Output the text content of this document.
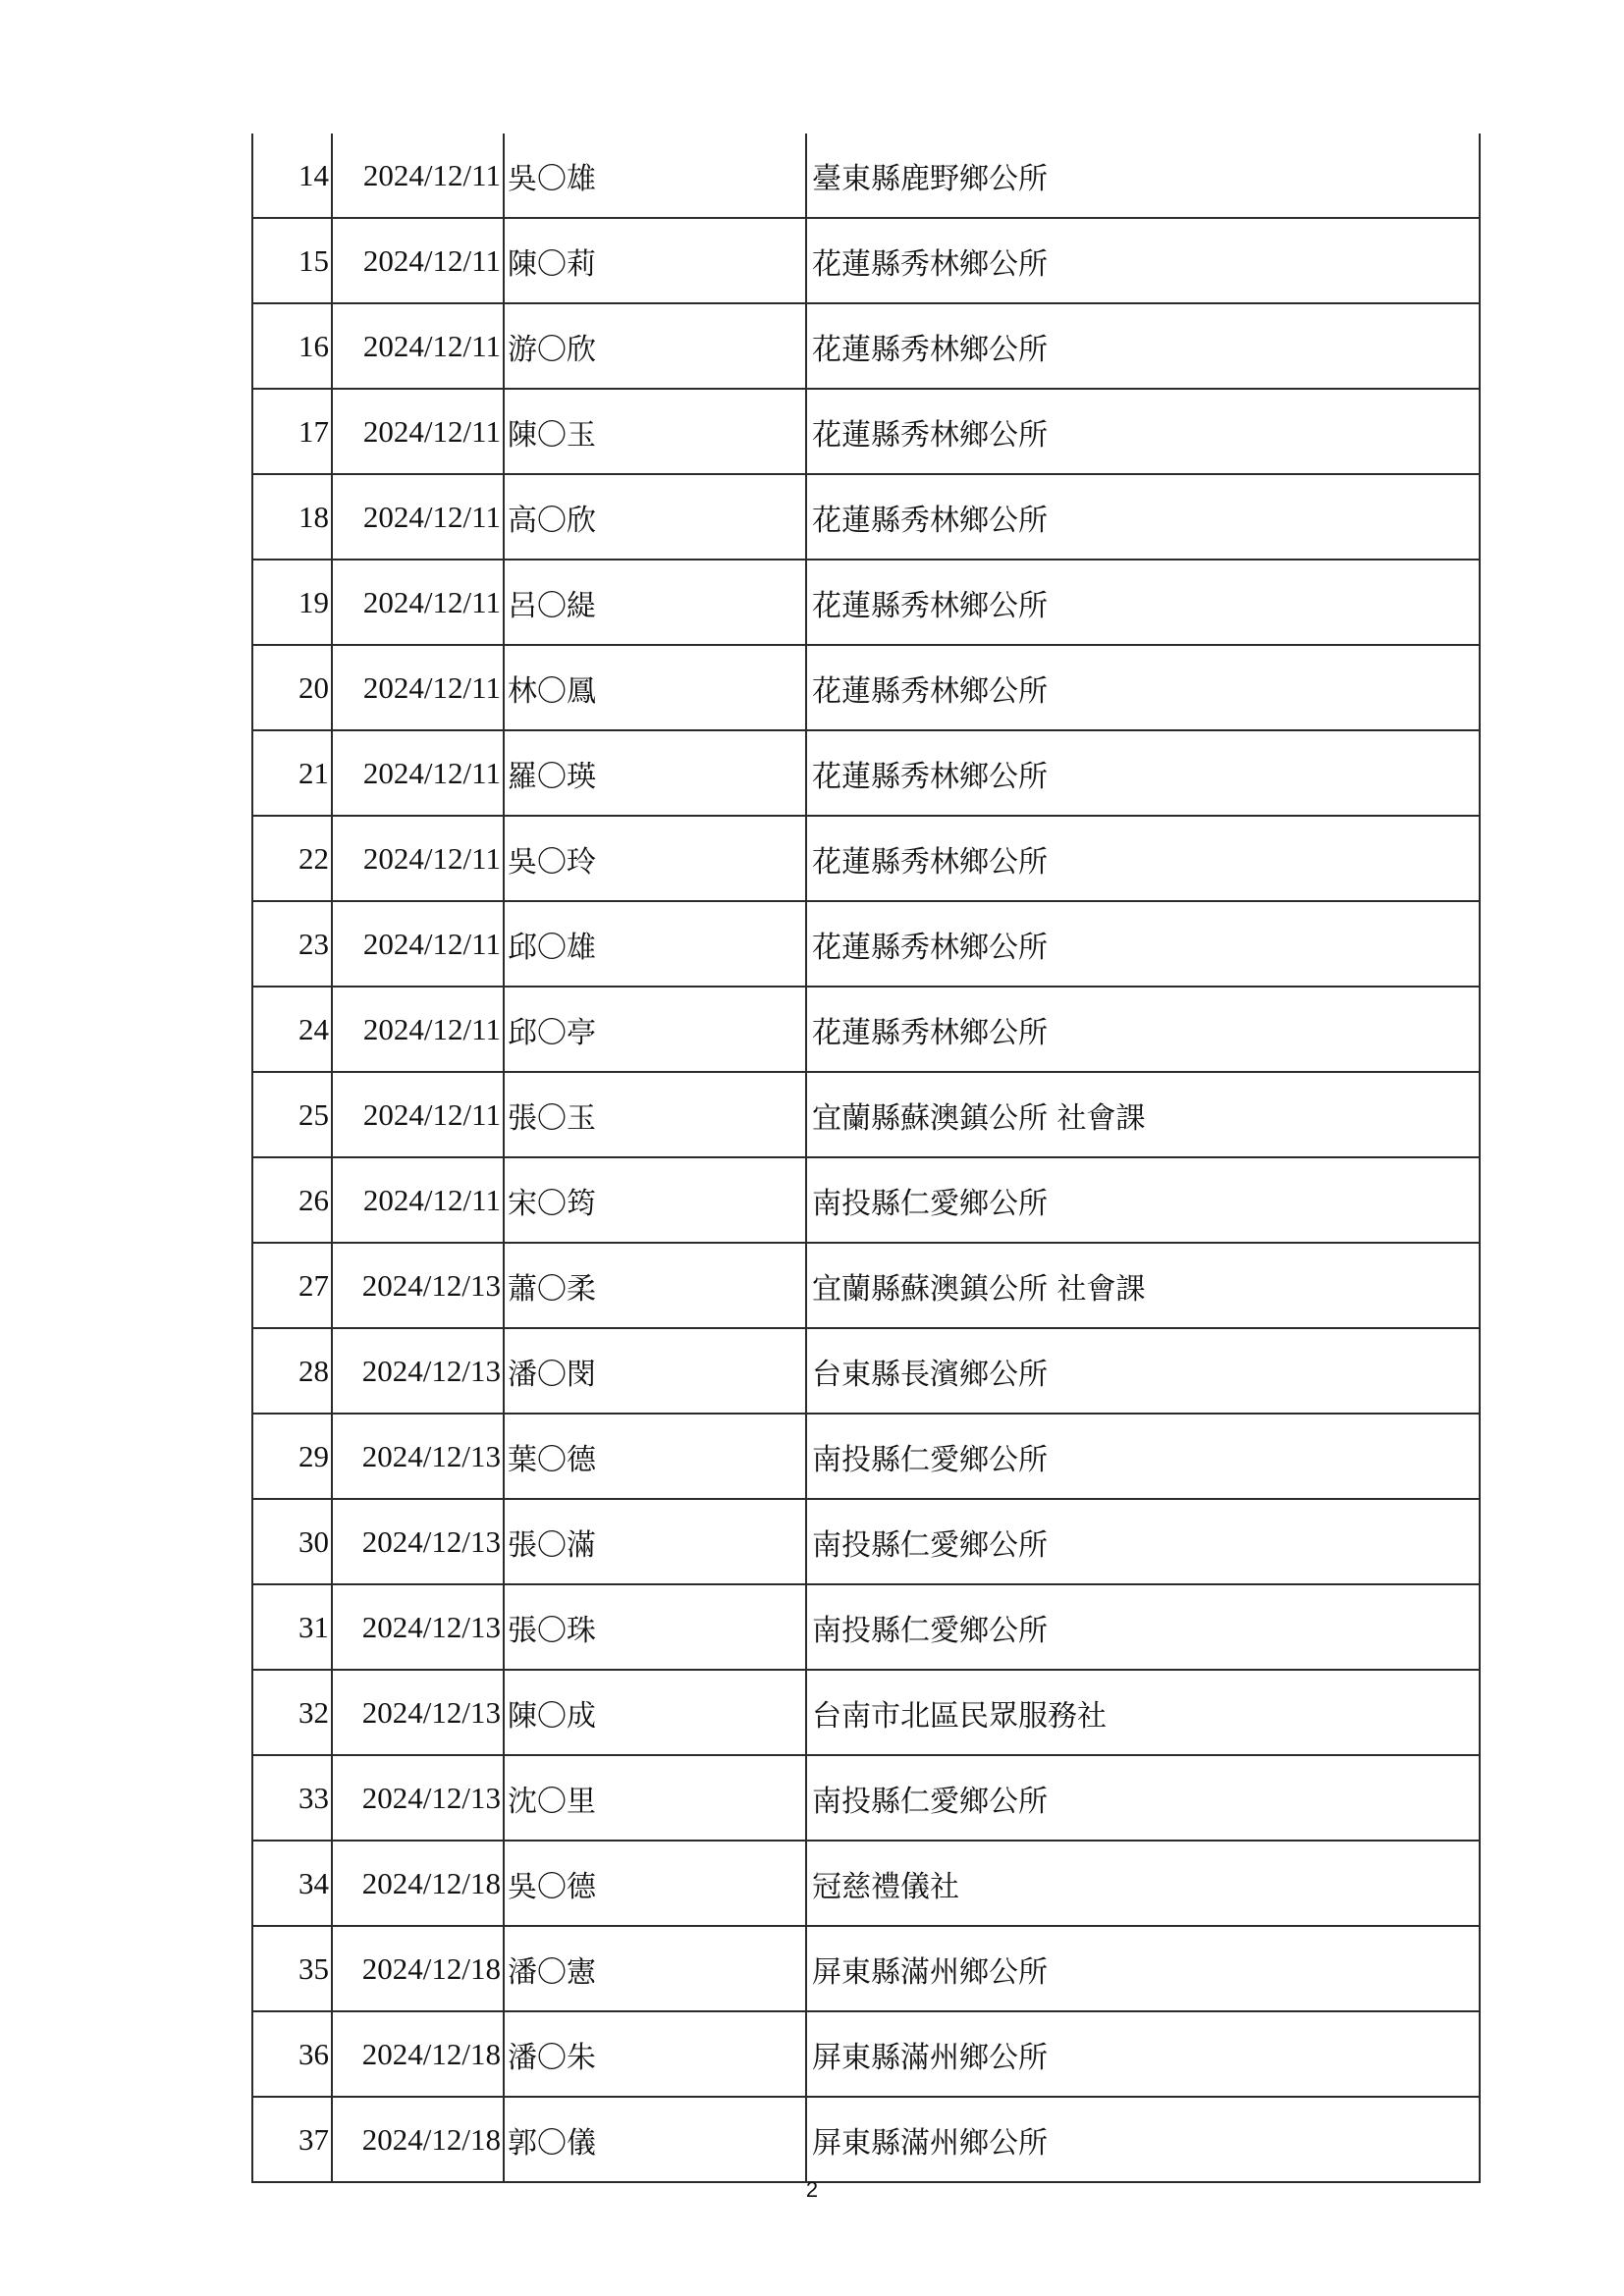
14	2024/12/11	吳〇雄	臺東縣鹿野鄉公所
15	2024/12/11	陳〇莉	花蓮縣秀林鄉公所
16	2024/12/11	游〇欣	花蓮縣秀林鄉公所
17	2024/12/11	陳〇玉	花蓮縣秀林鄉公所
18	2024/12/11	高〇欣	花蓮縣秀林鄉公所
19	2024/12/11	呂〇緹	花蓮縣秀林鄉公所
20	2024/12/11	林〇鳳	花蓮縣秀林鄉公所
21	2024/12/11	羅〇瑛	花蓮縣秀林鄉公所
22	2024/12/11	吳〇玲	花蓮縣秀林鄉公所
23	2024/12/11	邱〇雄	花蓮縣秀林鄉公所
24	2024/12/11	邱〇亭	花蓮縣秀林鄉公所
25	2024/12/11	張〇玉	宜蘭縣蘇澳鎮公所 社會課
26	2024/12/11	宋〇筠	南投縣仁愛鄉公所
27	2024/12/13	蕭〇柔	宜蘭縣蘇澳鎮公所 社會課
28	2024/12/13	潘〇閔	台東縣長濱鄉公所
29	2024/12/13	葉〇德	南投縣仁愛鄉公所
30	2024/12/13	張〇滿	南投縣仁愛鄉公所
31	2024/12/13	張〇珠	南投縣仁愛鄉公所
32	2024/12/13	陳〇成	台南市北區民眾服務社
33	2024/12/13	沈〇里	南投縣仁愛鄉公所
34	2024/12/18	吳〇德	冠慈禮儀社
35	2024/12/18	潘〇憲	屏東縣滿州鄉公所
36	2024/12/18	潘〇朱	屏東縣滿州鄉公所
37	2024/12/18	郭〇儀	屏東縣滿州鄉公所
2
